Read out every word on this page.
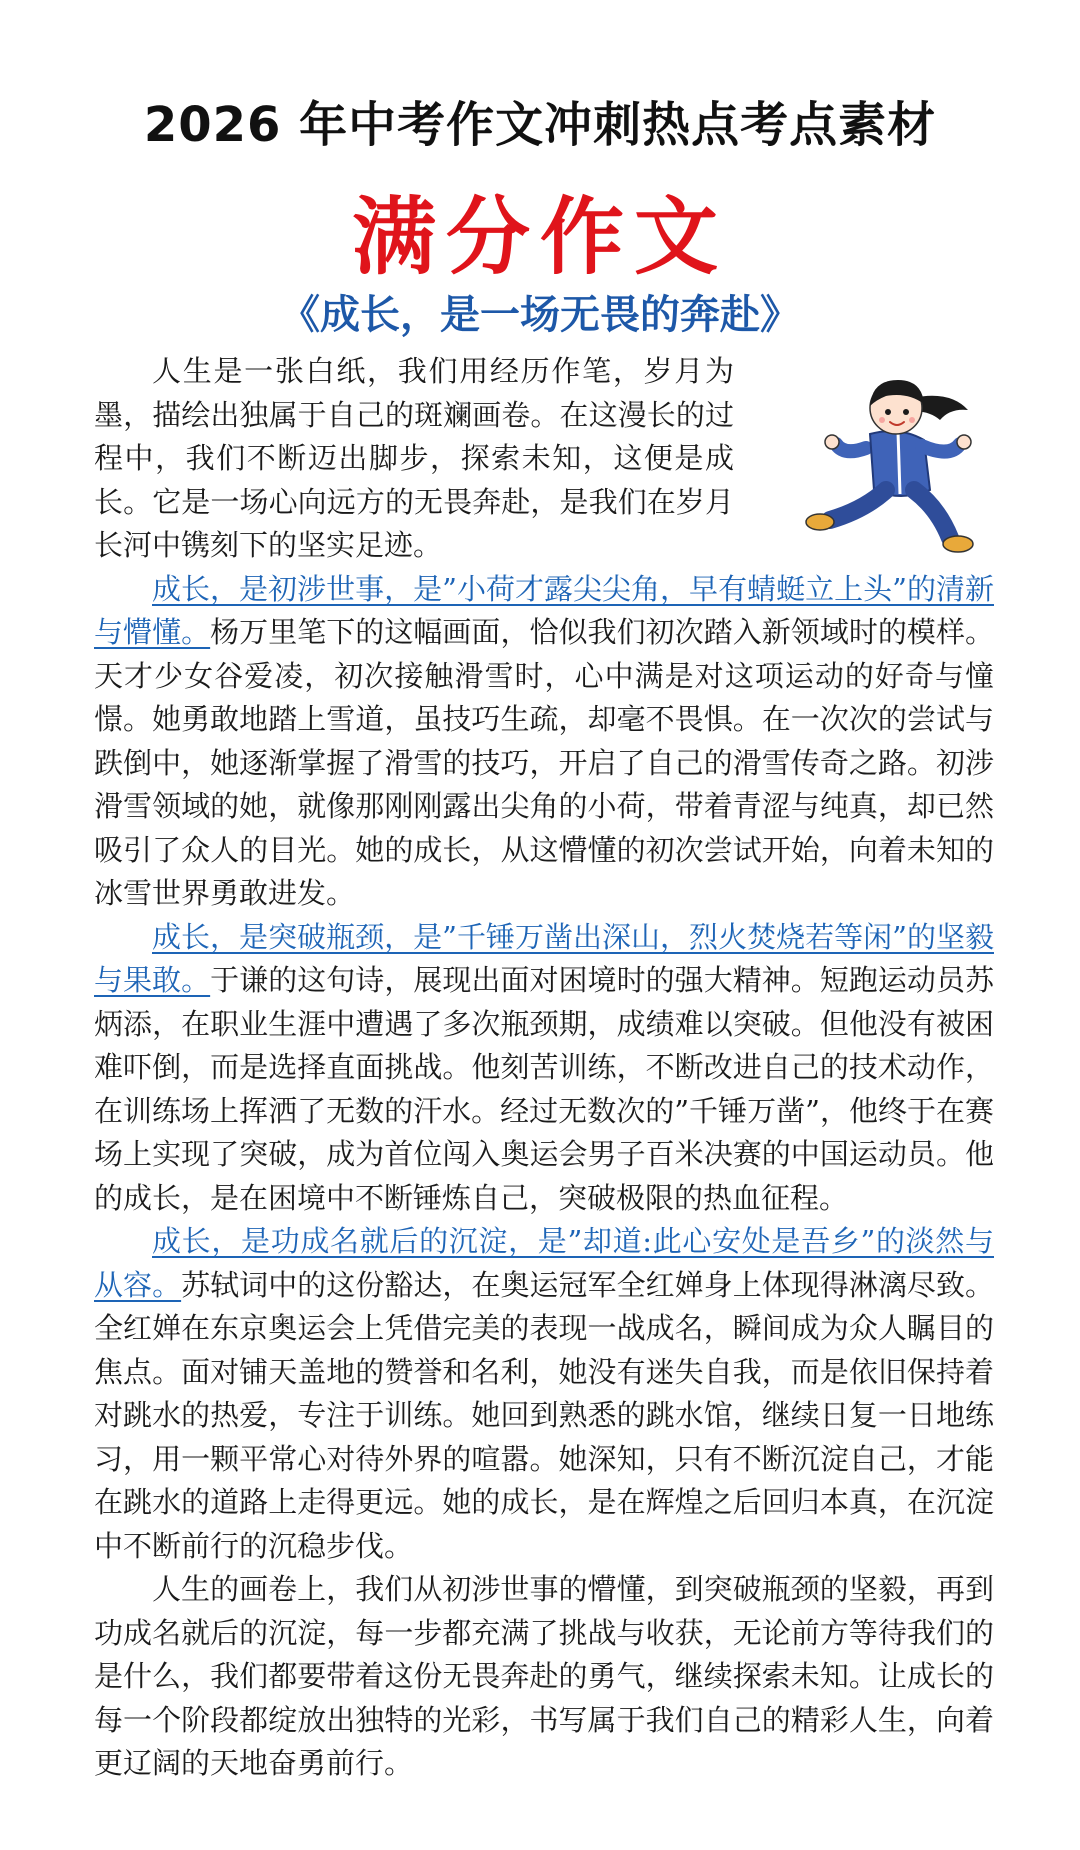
2026 年中考作文冲刺热点考点素材
满分作文
《成长，是一场无畏的奔赴》

人生是一张白纸，我们用经历作笔，岁月为墨，描绘出独属于自己的斑斓画卷。在这漫长的过程中，我们不断迈出脚步，探索未知，这便是成长。它是一场心向远方的无畏奔赴，是我们在岁月长河中镌刻下的坚实足迹。

成长，是初涉世事，是”小荷才露尖尖角，早有蜻蜓立上头”的清新与懵懂。杨万里笔下的这幅画面，恰似我们初次踏入新领域时的模样。天才少女谷爱凌，初次接触滑雪时，心中满是对这项运动的好奇与憧憬。她勇敢地踏上雪道，虽技巧生疏，却毫不畏惧。在一次次的尝试与跌倒中，她逐渐掌握了滑雪的技巧，开启了自己的滑雪传奇之路。初涉滑雪领域的她，就像那刚刚露出尖角的小荷，带着青涩与纯真，却已然吸引了众人的目光。她的成长，从这懵懂的初次尝试开始，向着未知的冰雪世界勇敢进发。

成长，是突破瓶颈，是”千锤万凿出深山，烈火焚烧若等闲”的坚毅与果敢。于谦的这句诗，展现出面对困境时的强大精神。短跑运动员苏炳添，在职业生涯中遭遇了多次瓶颈期，成绩难以突破。但他没有被困难吓倒，而是选择直面挑战。他刻苦训练，不断改进自己的技术动作，在训练场上挥洒了无数的汗水。经过无数次的”千锤万凿”，他终于在赛场上实现了突破，成为首位闯入奥运会男子百米决赛的中国运动员。他的成长，是在困境中不断锤炼自己，突破极限的热血征程。

成长，是功成名就后的沉淀，是”却道:此心安处是吾乡”的淡然与从容。苏轼词中的这份豁达，在奥运冠军全红婵身上体现得淋漓尽致。全红婵在东京奥运会上凭借完美的表现一战成名，瞬间成为众人瞩目的焦点。面对铺天盖地的赞誉和名利，她没有迷失自我，而是依旧保持着对跳水的热爱，专注于训练。她回到熟悉的跳水馆，继续日复一日地练习，用一颗平常心对待外界的喧嚣。她深知，只有不断沉淀自己，才能在跳水的道路上走得更远。她的成长，是在辉煌之后回归本真，在沉淀中不断前行的沉稳步伐。

人生的画卷上，我们从初涉世事的懵懂，到突破瓶颈的坚毅，再到功成名就后的沉淀，每一步都充满了挑战与收获，无论前方等待我们的是什么，我们都要带着这份无畏奔赴的勇气，继续探索未知。让成长的每一个阶段都绽放出独特的光彩，书写属于我们自己的精彩人生，向着更辽阔的天地奋勇前行。
